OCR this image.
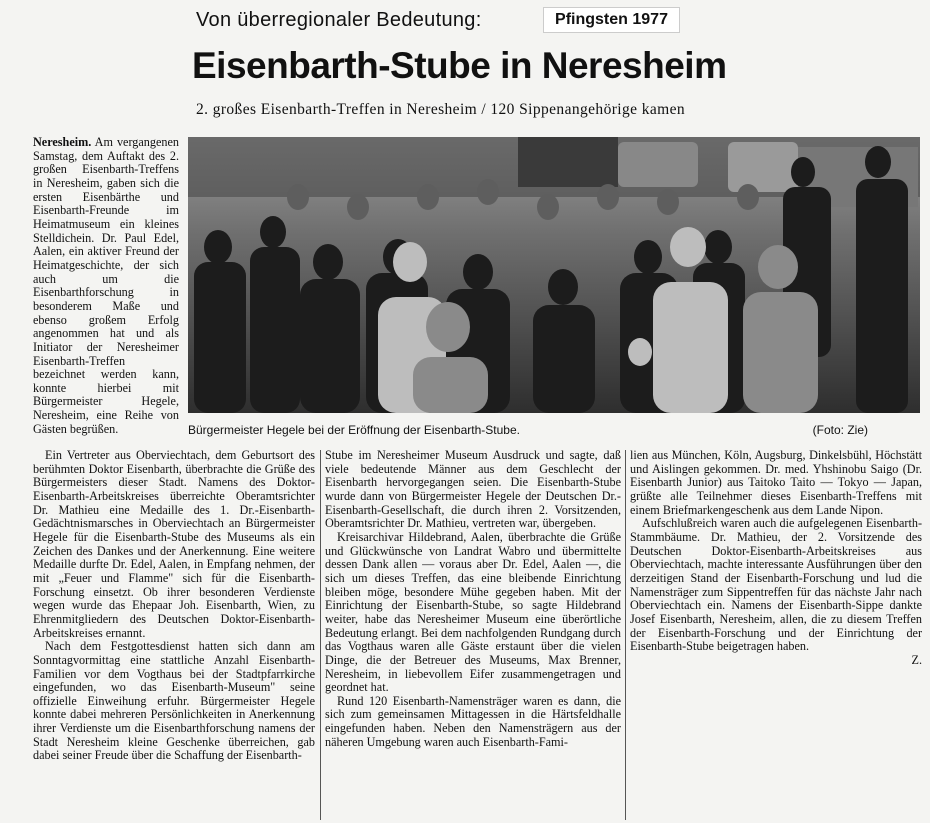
Von überregionaler Bedeutung:	Pfingsten 1977
Eisenbarth-Stube in Neresheim
2. großes Eisenbarth-Treffen in Neresheim / 120 Sippenangehörige kamen

Neresheim. Am vergangenen Samstag, dem Auftakt des 2. großen Eisenbarth-Treffens in Neresheim, gaben sich die ersten Eisenbärthe und Eisenbarth-Freunde im Heimatmuseum ein kleines Stelldichein. Dr. Paul Edel, Aalen, ein aktiver Freund der Heimatgeschichte, der sich auch um die Eisenbarthforschung in besonderem Maße und ebenso großem Erfolg angenommen hat und als Initiator der Neresheimer Eisenbarth-Treffen bezeichnet werden kann, konnte hierbei mit Bürgermeister Hegele, Neresheim, eine Reihe von Gästen begrüßen.	Bürgermeister Hegele bei der Eröffnung der Eisenbarth-Stube.	(Foto: Zie)

Ein Vertreter aus Oberviechtach, dem Geburtsort des berühmten Doktor Eisenbarth, überbrachte die Grüße des Bürgermeisters dieser Stadt. Namens des Doktor-Eisenbarth-Arbeitskreises überreichte Oberamtsrichter Dr. Mathieu eine Medaille des 1. Dr.-Eisenbarth-Gedächtnismarsches in Oberviechtach an Bürgermeister Hegele für die Eisenbarth-Stube des Museums als ein Zeichen des Dankes und der Anerkennung. Eine weitere Medaille durfte Dr. Edel, Aalen, in Empfang nehmen, der mit „Feuer und Flamme" sich für die Eisenbarth-Forschung einsetzt. Ob ihrer besonderen Verdienste wegen wurde das Ehepaar Joh. Eisenbarth, Wien, zu Ehrenmitgliedern des Deutschen Doktor-Eisenbarth-Arbeitskreises ernannt.

Nach dem Festgottesdienst hatten sich dann am Sonntagvormittag eine stattliche Anzahl Eisenbarth-Familien vor dem Vogthaus bei der Stadtpfarrkirche eingefunden, wo das Eisenbarth-Museum" seine offizielle Einweihung erfuhr. Bürgermeister Hegele konnte dabei mehreren Persönlichkeiten in Anerkennung ihrer Verdienste um die Eisenbarthforschung namens der Stadt Neresheim kleine Geschenke überreichen, gab dabei seiner Freude über die Schaffung der Eisenbarth-

Stube im Neresheimer Museum Ausdruck und sagte, daß viele bedeutende Männer aus dem Geschlecht der Eisenbarth hervorgegangen seien. Die Eisenbarth-Stube wurde dann von Bürgermeister Hegele der Deutschen Dr.-Eisenbarth-Gesellschaft, die durch ihren 2. Vorsitzenden, Oberamtsrichter Dr. Mathieu, vertreten war, übergeben.

Kreisarchivar Hildebrand, Aalen, überbrachte die Grüße und Glückwünsche von Landrat Wabro und übermittelte dessen Dank allen — voraus aber Dr. Edel, Aalen —, die sich um dieses Treffen, das eine bleibende Einrichtung bleiben möge, besondere Mühe gegeben haben. Mit der Einrichtung der Eisenbarth-Stube, so sagte Hildebrand weiter, habe das Neresheimer Museum eine überörtliche Bedeutung erlangt. Bei dem nachfolgenden Rundgang durch das Vogthaus waren alle Gäste erstaunt über die vielen Dinge, die der Betreuer des Museums, Max Brenner, Neresheim, in liebevollem Eifer zusammengetragen und geordnet hat.

Rund 120 Eisenbarth-Namensträger waren es dann, die sich zum gemeinsamen Mittagessen in die Härtsfeldhalle eingefunden haben. Neben den Namensträgern aus der näheren Umgebung waren auch Eisenbarth-Fami-

lien aus München, Köln, Augsburg, Dinkelsbühl, Höchstätt und Aislingen gekommen. Dr. med. Yhshinobu Saigo (Dr. Eisenbarth Junior) aus Taitoko Taito — Tokyo — Japan, grüßte alle Teilnehmer dieses Eisenbarth-Treffens mit einem Briefmarkengeschenk aus dem Lande Nipon.

Aufschlußreich waren auch die aufgelegenen Eisenbarth-Stammbäume. Dr. Mathieu, der 2. Vorsitzende des Deutschen Doktor-Eisenbarth-Arbeitskreises aus Oberviechtach, machte interessante Ausführungen über den derzeitigen Stand der Eisenbarth-Forschung und lud die Namensträger zum Sippentreffen für das nächste Jahr nach Oberviechtach ein. Namens der Eisenbarth-Sippe dankte Josef Eisenbarth, Neresheim, allen, die zu diesem Treffen der Eisenbarth-Forschung und der Einrichtung der Eisenbarth-Stube beigetragen haben.

Z.
